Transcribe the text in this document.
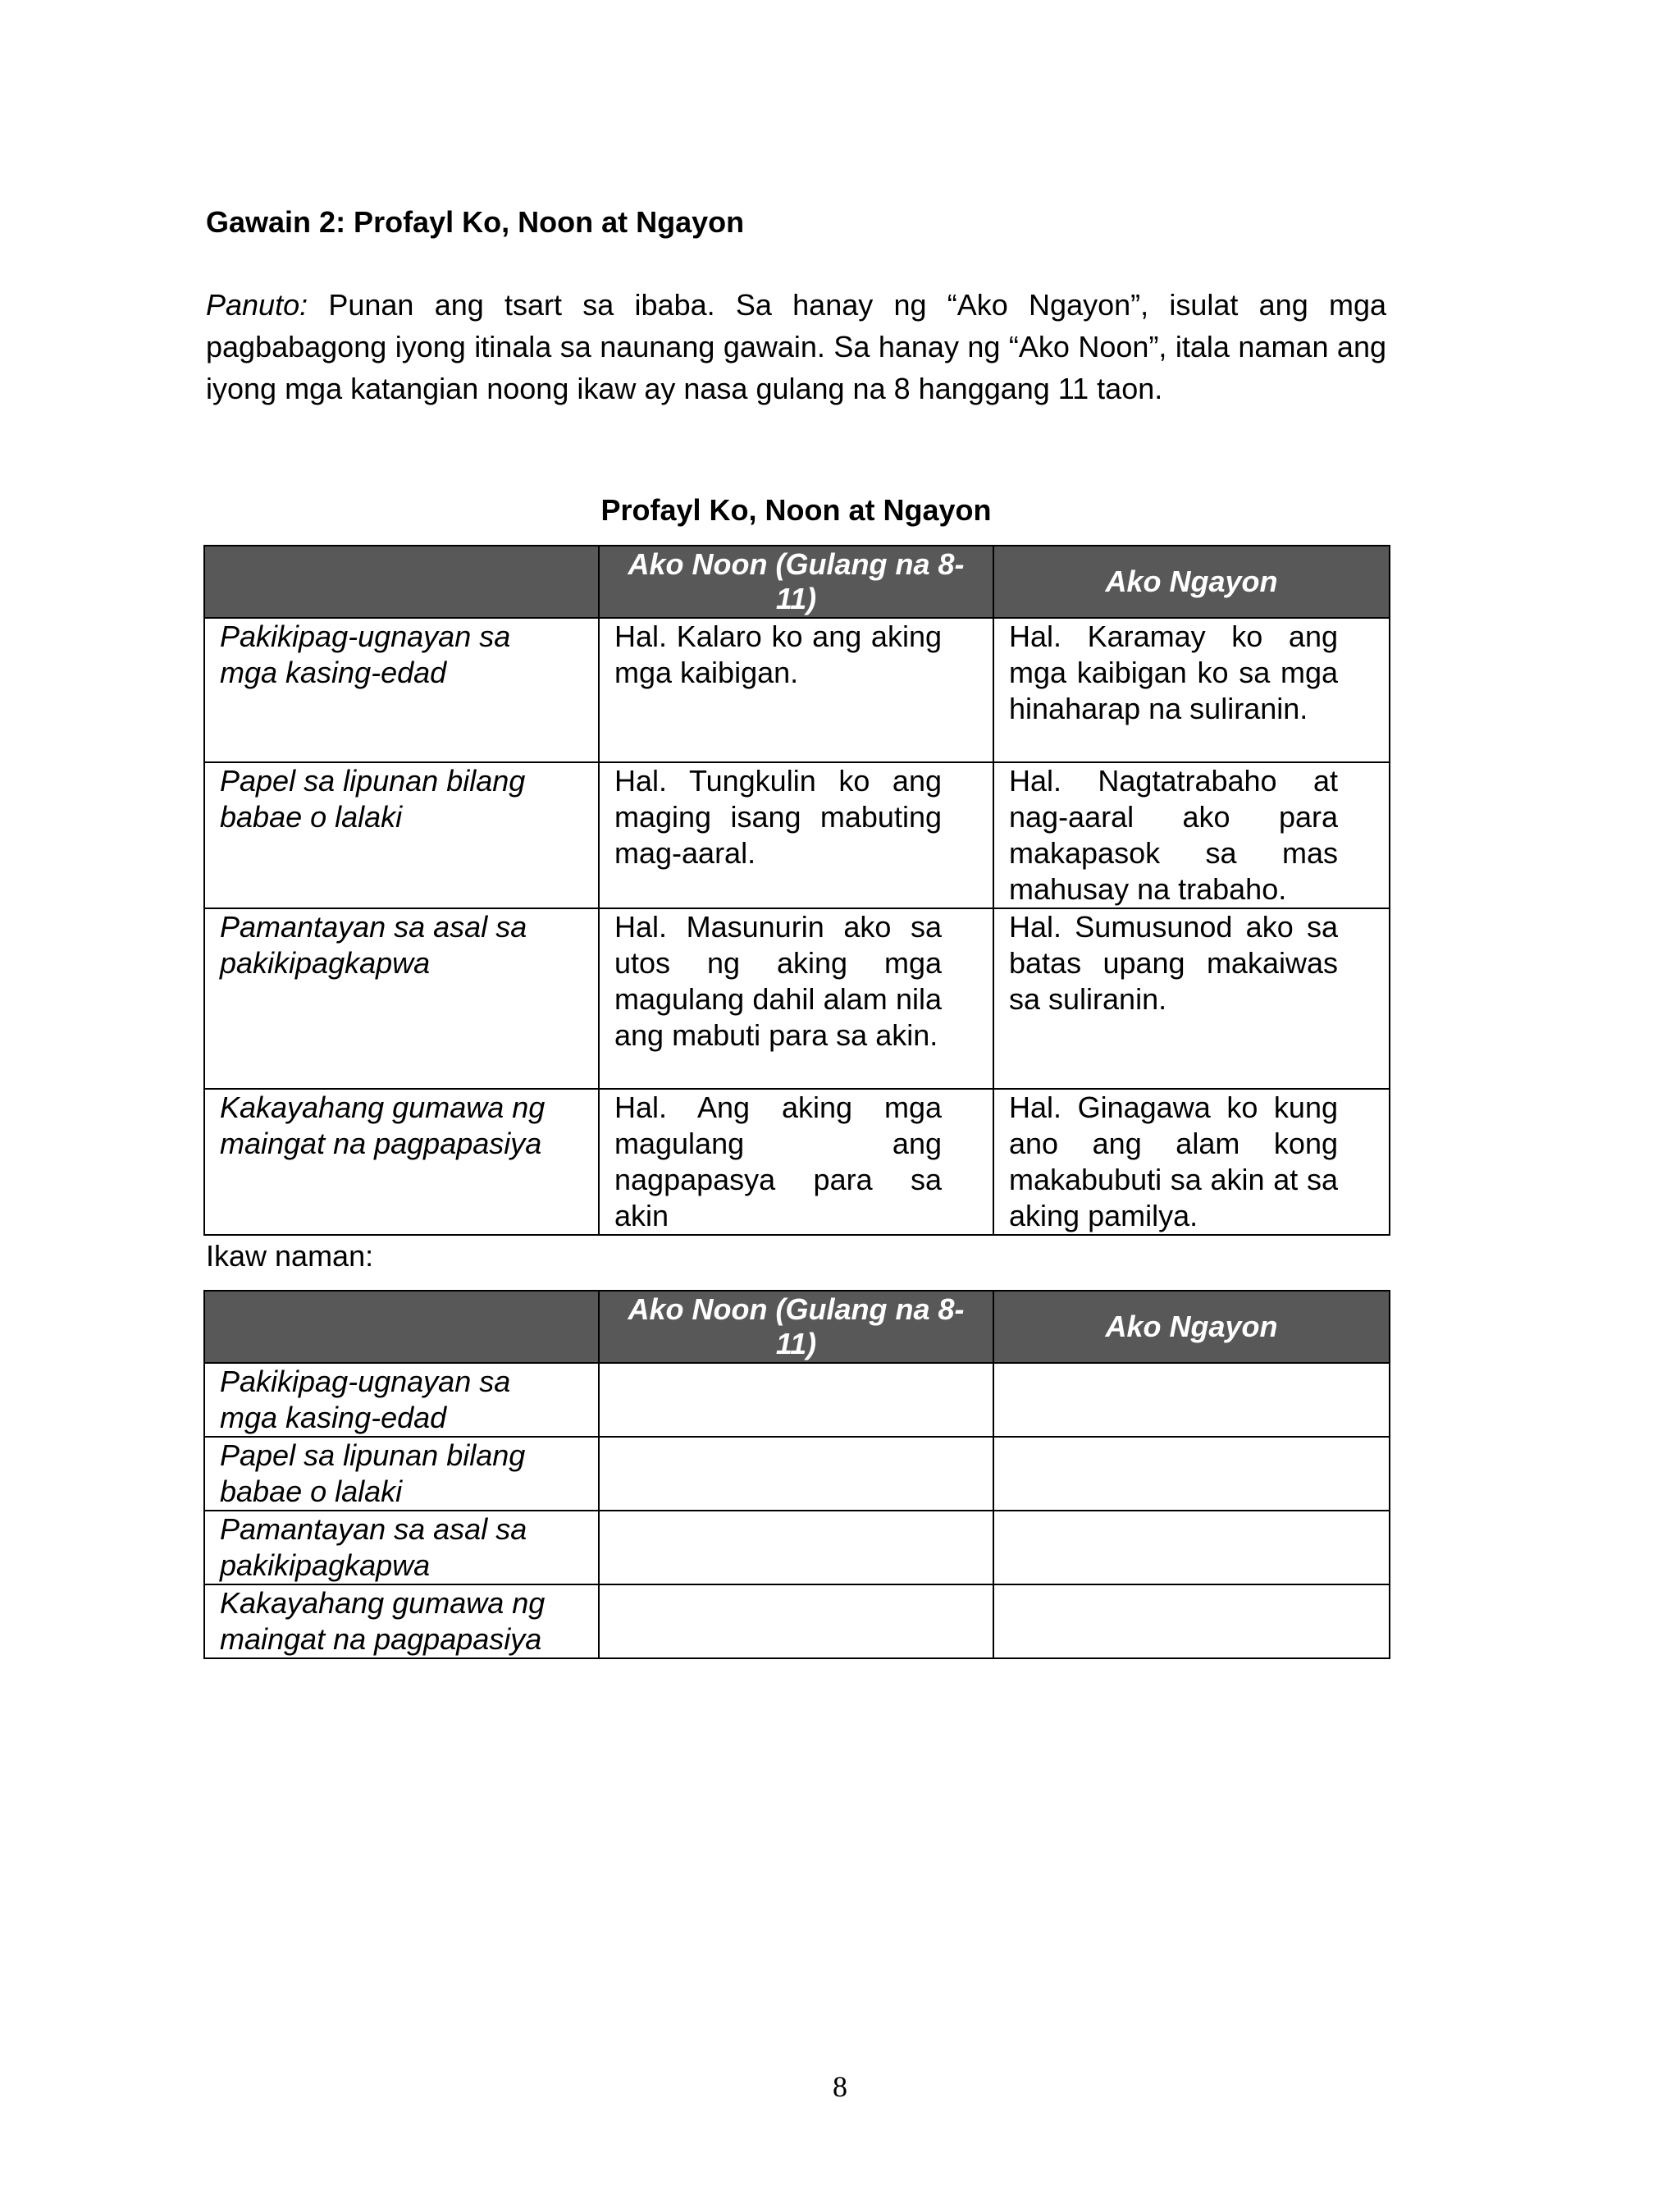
Gawain 2: Profayl Ko, Noon at Ngayon
Panuto: Punan ang tsart sa ibaba. Sa hanay ng “Ako Ngayon”, isulat ang mga pagbabagong iyong itinala sa naunang gawain. Sa hanay ng “Ako Noon”, itala naman ang iyong mga katangian noong ikaw ay nasa gulang na 8 hanggang 11 taon.
Profayl Ko, Noon at Ngayon
	Ako Noon (Gulang na 8-11)	Ako Ngayon
Pakikipag-ugnayan sa mga kasing-edad	Hal. Kalaro ko ang aking mga kaibigan.	Hal. Karamay ko ang mga kaibigan ko sa mga hinaharap na suliranin.
Papel sa lipunan bilang babae o lalaki	Hal. Tungkulin ko ang maging isang mabuting mag-aaral.	Hal. Nagtatrabaho at nag-aaral ako para makapasok sa mas mahusay na trabaho.
Pamantayan sa asal sa pakikipagkapwa	Hal. Masunurin ako sa utos ng aking mga magulang dahil alam nila ang mabuti para sa akin.	Hal. Sumusunod ako sa batas upang makaiwas sa suliranin.
Kakayahang gumawa ng maingat na pagpapasiya	Hal. Ang aking mga magulang ang nagpapasya para sa akin	Hal. Ginagawa ko kung ano ang alam kong makabubuti sa akin at sa aking pamilya.
Ikaw naman:
	Ako Noon (Gulang na 8-11)	Ako Ngayon
Pakikipag-ugnayan sa mga kasing-edad		
Papel sa lipunan bilang babae o lalaki		
Pamantayan sa asal sa pakikipagkapwa		
Kakayahang gumawa ng maingat na pagpapasiya		
8
